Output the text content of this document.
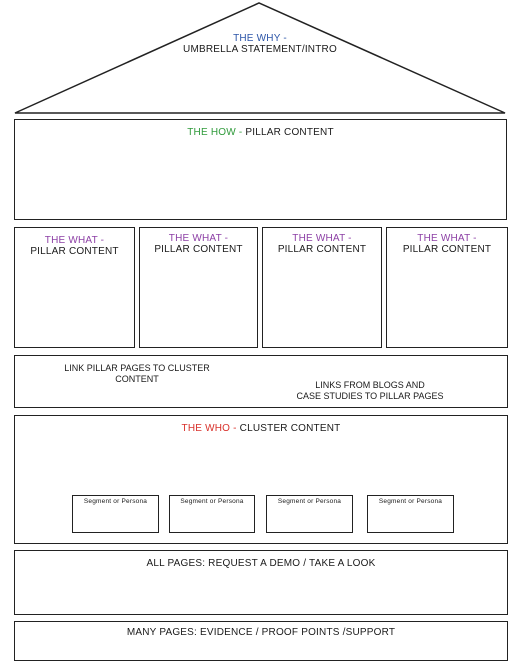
THE WHY -
UMBRELLA STATEMENT/INTRO
THE HOW - PILLAR CONTENT
THE WHAT -
PILLAR CONTENT
THE WHAT -
PILLAR CONTENT
THE WHAT -
PILLAR CONTENT
THE WHAT -
PILLAR CONTENT
LINK PILLAR PAGES TO CLUSTER
CONTENT
LINKS FROM BLOGS AND
CASE STUDIES TO PILLAR PAGES
THE WHO - CLUSTER CONTENT
Segment or Persona	Segment or Persona	Segment or Persona	Segment or Persona
ALL PAGES: REQUEST A DEMO / TAKE A LOOK
MANY PAGES: EVIDENCE / PROOF POINTS /SUPPORT
